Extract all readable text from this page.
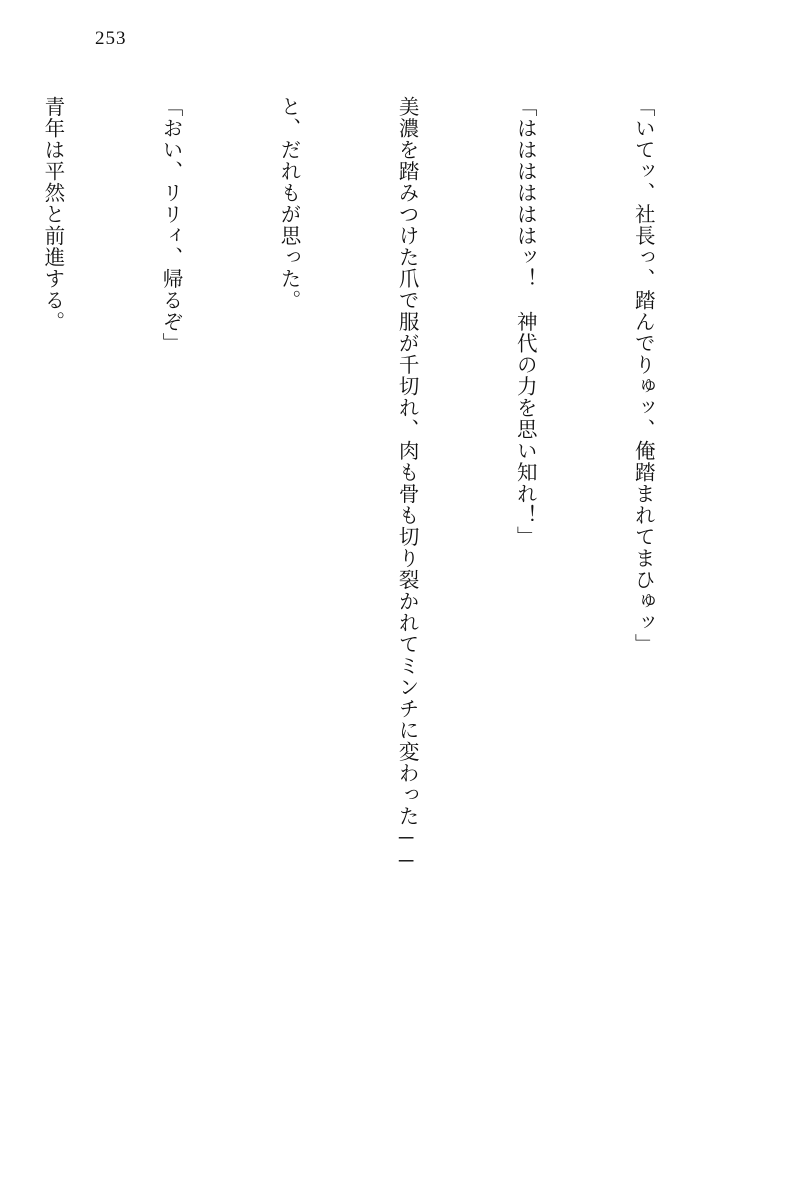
253

「いてッ、社長っ、踏んでりゅッ、俺踏まれてまひゅッ」

「ははははははッ！　神代の力を思い知れ！」

美濃を踏みつけた爪で服が千切れ、肉も骨も切り裂かれてミンチに変わった──

と、だれもが思った。

「おい、リリィ、帰るぞ」

青年は平然と前進する。
